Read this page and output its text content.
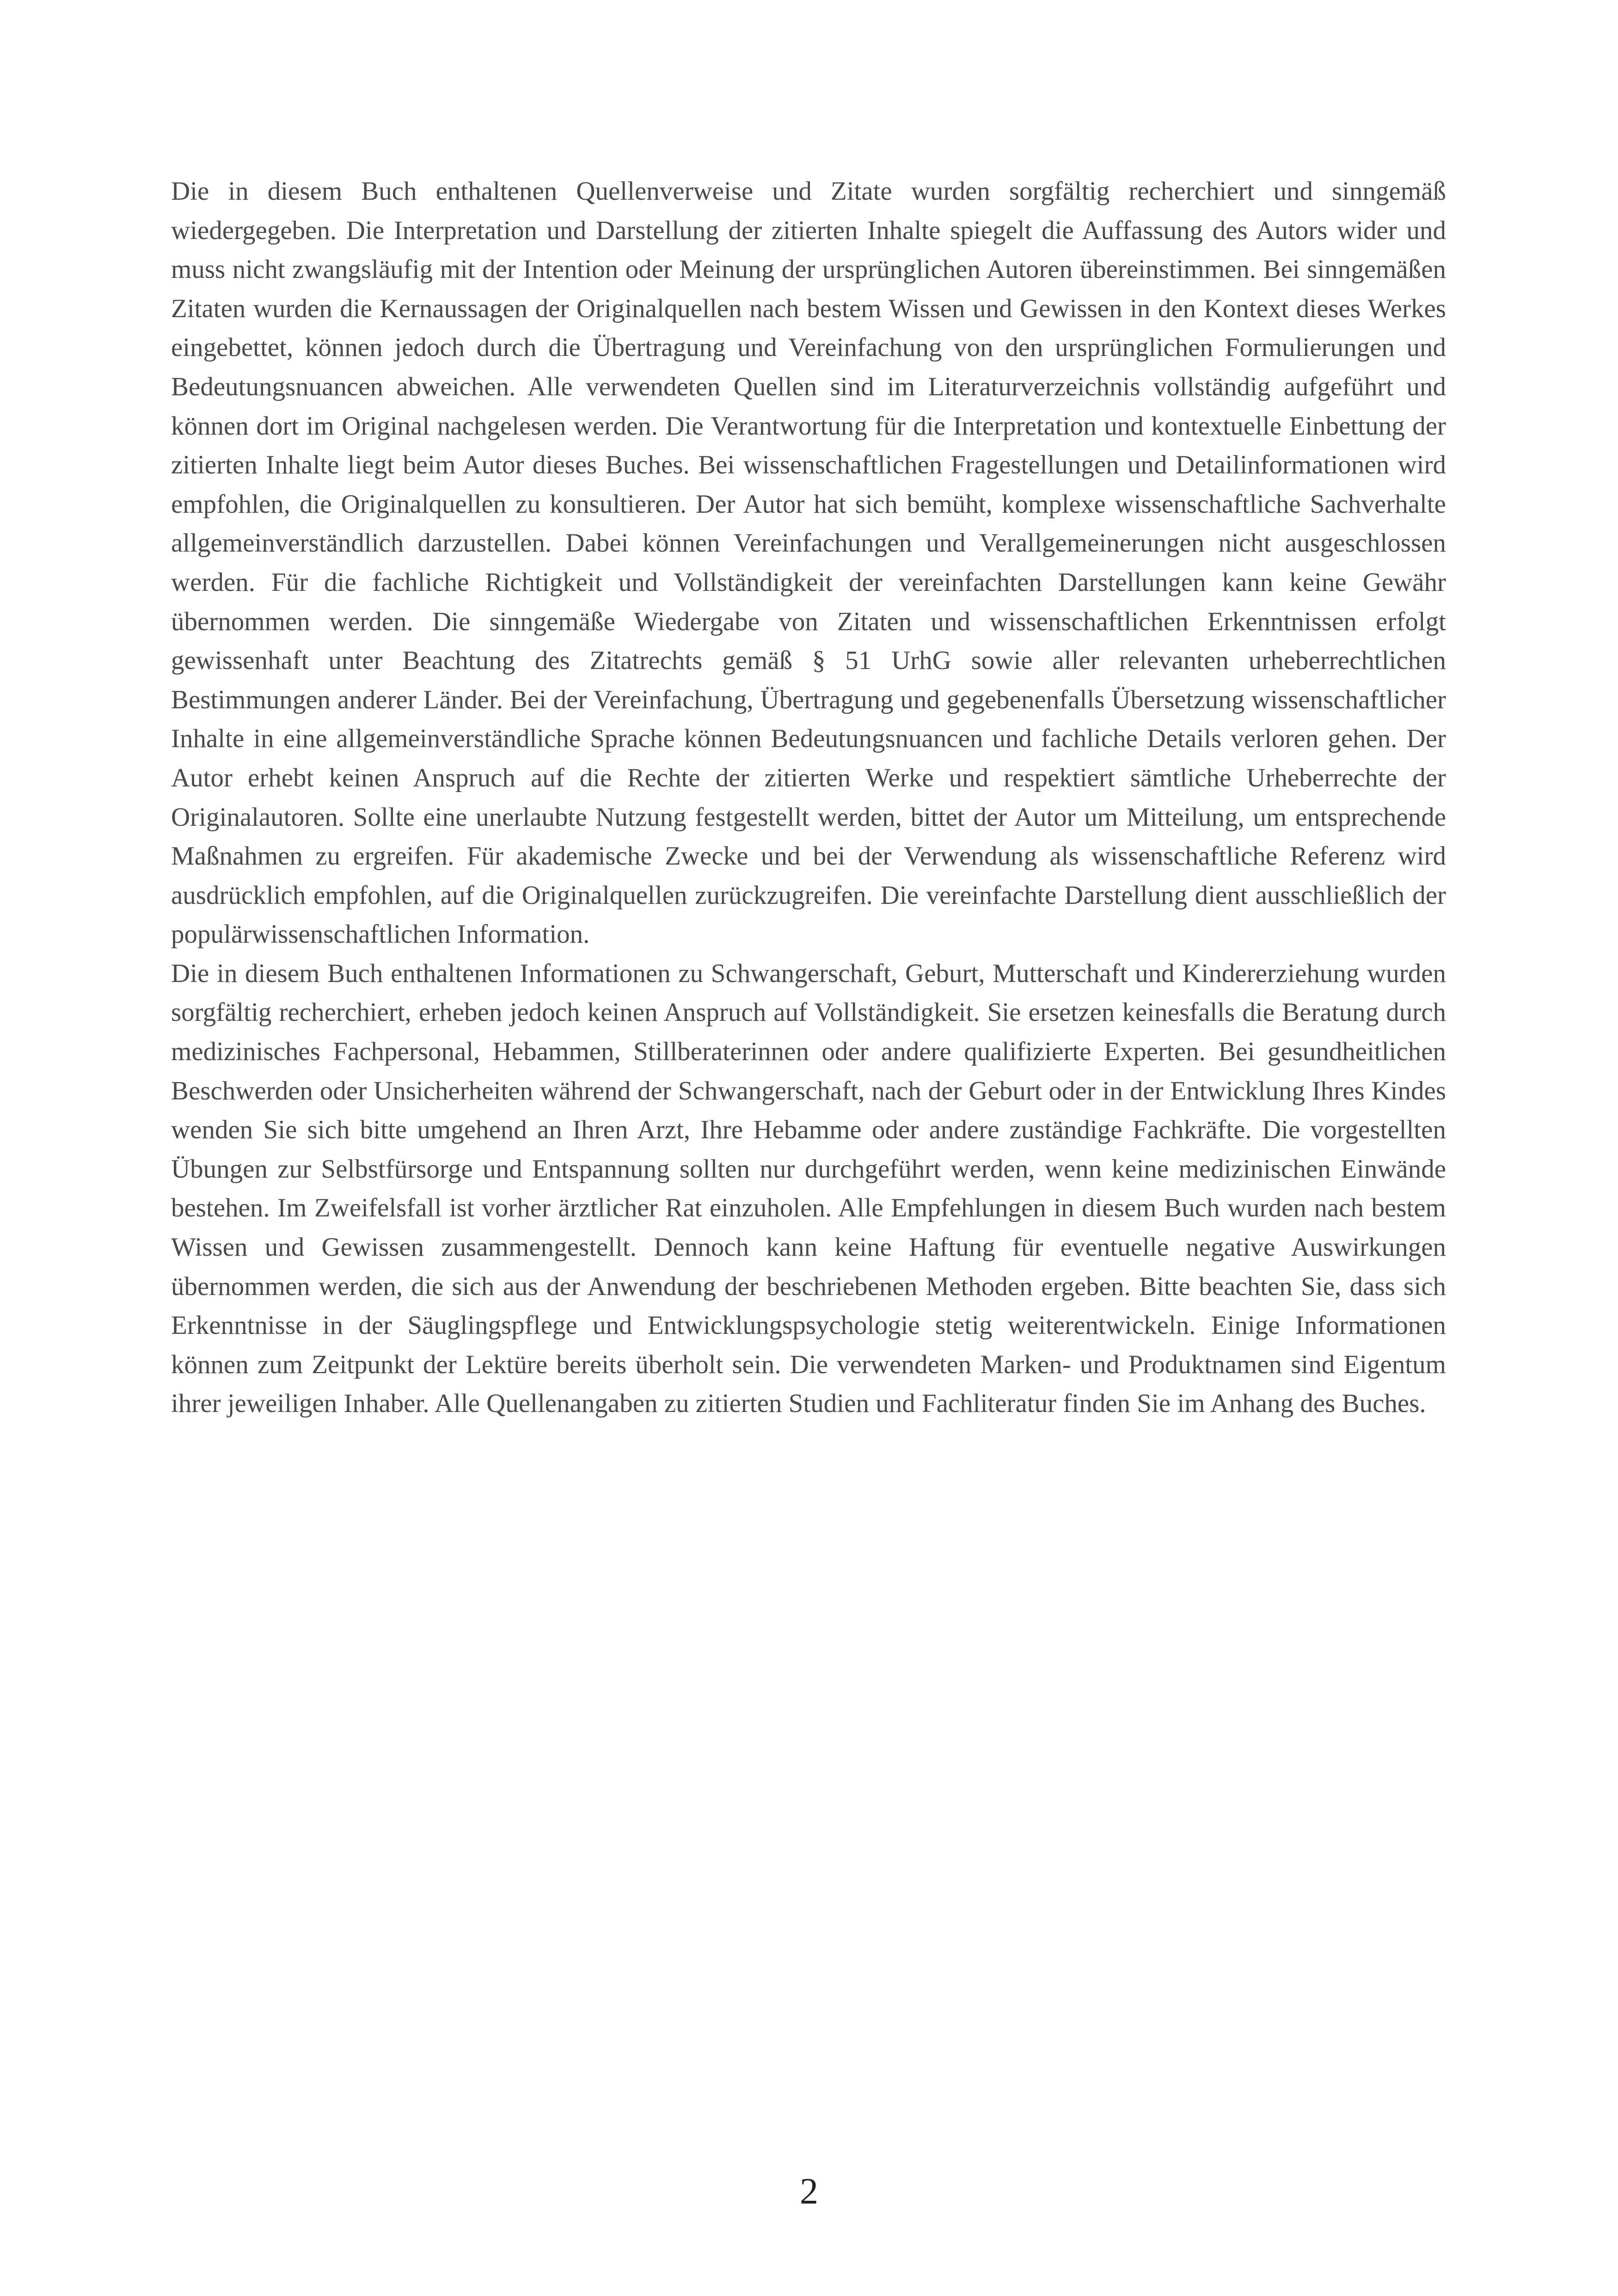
Die in diesem Buch enthaltenen Quellenverweise und Zitate wurden sorgfältig recherchiert und sinngemäß wiedergegeben. Die Interpretation und Darstellung der zitierten Inhalte spiegelt die Auffassung des Autors wider und muss nicht zwangsläufig mit der Intention oder Meinung der ursprünglichen Autoren übereinstimmen. Bei sinngemäßen Zitaten wurden die Kernaussagen der Originalquellen nach bestem Wissen und Gewissen in den Kontext dieses Werkes eingebettet, können jedoch durch die Übertragung und Vereinfachung von den ursprünglichen Formulierungen und Bedeutungsnuancen abweichen. Alle verwendeten Quellen sind im Literaturverzeichnis vollständig aufgeführt und können dort im Original nachgelesen werden. Die Verantwortung für die Interpretation und kontextuelle Einbettung der zitierten Inhalte liegt beim Autor dieses Buches. Bei wissenschaftlichen Fragestellungen und Detailinformationen wird empfohlen, die Originalquellen zu konsultieren. Der Autor hat sich bemüht, komplexe wissenschaftliche Sachverhalte allgemeinverständlich darzustellen. Dabei können Vereinfachungen und Verallgemeinerungen nicht ausgeschlossen werden. Für die fachliche Richtigkeit und Vollständigkeit der vereinfachten Darstellungen kann keine Gewähr übernommen werden. Die sinngemäße Wiedergabe von Zitaten und wissenschaftlichen Erkenntnissen erfolgt gewissenhaft unter Beachtung des Zitatrechts gemäß § 51 UrhG sowie aller relevanten urheberrechtlichen Bestimmungen anderer Länder. Bei der Vereinfachung, Übertragung und gegebenenfalls Übersetzung wissenschaftlicher Inhalte in eine allgemeinverständliche Sprache können Bedeutungsnuancen und fachliche Details verloren gehen. Der Autor erhebt keinen Anspruch auf die Rechte der zitierten Werke und respektiert sämtliche Urheberrechte der Originalautoren. Sollte eine unerlaubte Nutzung festgestellt werden, bittet der Autor um Mitteilung, um entsprechende Maßnahmen zu ergreifen. Für akademische Zwecke und bei der Verwendung als wissenschaftliche Referenz wird ausdrücklich empfohlen, auf die Originalquellen zurückzugreifen. Die vereinfachte Darstellung dient ausschließlich der populärwissenschaftlichen Information.

Die in diesem Buch enthaltenen Informationen zu Schwangerschaft, Geburt, Mutterschaft und Kindererziehung wurden sorgfältig recherchiert, erheben jedoch keinen Anspruch auf Vollständigkeit. Sie ersetzen keinesfalls die Beratung durch medizinisches Fachpersonal, Hebammen, Stillberaterinnen oder andere qualifizierte Experten. Bei gesundheitlichen Beschwerden oder Unsicherheiten während der Schwangerschaft, nach der Geburt oder in der Entwicklung Ihres Kindes wenden Sie sich bitte umgehend an Ihren Arzt, Ihre Hebamme oder andere zuständige Fachkräfte. Die vorgestellten Übungen zur Selbstfürsorge und Entspannung sollten nur durchgeführt werden, wenn keine medizinischen Einwände bestehen. Im Zweifelsfall ist vorher ärztlicher Rat einzuholen. Alle Empfehlungen in diesem Buch wurden nach bestem Wissen und Gewissen zusammengestellt. Dennoch kann keine Haftung für eventuelle negative Auswirkungen übernommen werden, die sich aus der Anwendung der beschriebenen Methoden ergeben. Bitte beachten Sie, dass sich Erkenntnisse in der Säuglingspflege und Entwicklungspsychologie stetig weiterentwickeln. Einige Informationen können zum Zeitpunkt der Lektüre bereits überholt sein. Die verwendeten Marken- und Produktnamen sind Eigentum ihrer jeweiligen Inhaber. Alle Quellenangaben zu zitierten Studien und Fachliteratur finden Sie im Anhang des Buches.

2
